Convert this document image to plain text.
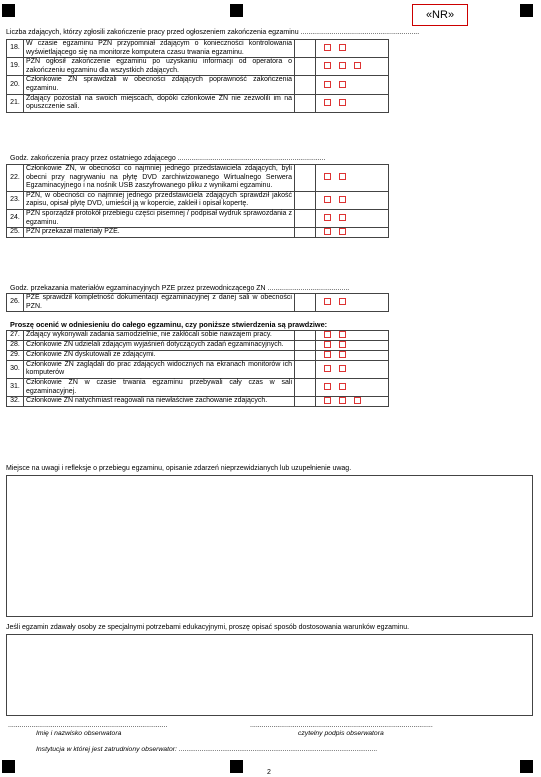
«NR»
Liczba zdających, którzy zgłosili zakończenie pracy przed ogłoszeniem zakończenia egzaminu .............................................................
18.	W czasie egzaminu PZN przypomniał zdającym o konieczności kontrolowania wyświetlającego się na monitorze komputera czasu trwania egzaminu.		
19.	PZN ogłosił zakończenie egzaminu po uzyskaniu informacji od operatora o zakończeniu egzaminu dla wszystkich zdających.		
20.	Członkowie ZN sprawdzali w obecności zdających poprawność zakończenia egzaminu.		
21.	Zdający pozostali na swoich miejscach, dopóki członkowie ZN nie zezwolili im na opuszczenie sali.		
Godz. zakończenia pracy przez ostatniego zdającego ............................................................................
22.	Członkowie ZN, w obecności co najmniej jednego przedstawiciela zdających, byli obecni przy nagrywaniu na płytę DVD zarchiwizowanego Wirtualnego Serwera Egzaminacyjnego i na nośnik USB zaszyfrowanego pliku z wynikami egzaminu.		
23.	PZN, w obecności co najmniej jednego przedstawiciela zdających sprawdził jakość zapisu, opisał płytę DVD, umieścił ją w kopercie, zakleił i opisał kopertę.		
24.	PZN sporządził protokół przebiegu części pisemnej / podpisał wydruk sprawozdania z egzaminu.		
25.	PZN przekazał materiały PZE.		
Godz. przekazania materiałów egzaminacyjnych PZE przez przewodniczącego ZN ..........................................
26.	PZE sprawdził kompletność dokumentacji egzaminacyjnej z danej sali w obecności PZN.		
Proszę ocenić w odniesieniu do całego egzaminu, czy poniższe stwierdzenia są prawdziwe:
27.	Zdający wykonywali zadania samodzielnie, nie zakłócali sobie nawzajem pracy.		
28.	Członkowie ZN udzielali zdającym wyjaśnień dotyczących zadań egzaminacyjnych.		
29.	Członkowie ZN dyskutowali ze zdającymi.		
30.	Członkowie ZN zaglądali do prac zdających widocznych na ekranach monitorów ich komputerów		
31.	Członkowie ZN w czasie trwania egzaminu przebywali cały czas w sali egzaminacyjnej.		
32.	Członkowie ZN natychmiast reagowali na niewłaściwe zachowanie zdających.		
Miejsce na uwagi i refleksje o przebiegu egzaminu, opisanie zdarzeń nieprzewidzianych lub uzupełnienie uwag.
Jeśli egzamin zdawały osoby ze specjalnymi potrzebami edukacyjnymi, proszę opisać sposób dostosowania warunków egzaminu.
..................................................................................	..............................................................................................
Imię i nazwisko obserwatora	czytelny podpis obserwatora
Instytucja w której jest zatrudniony obserwator: .........................................................................................................
2
